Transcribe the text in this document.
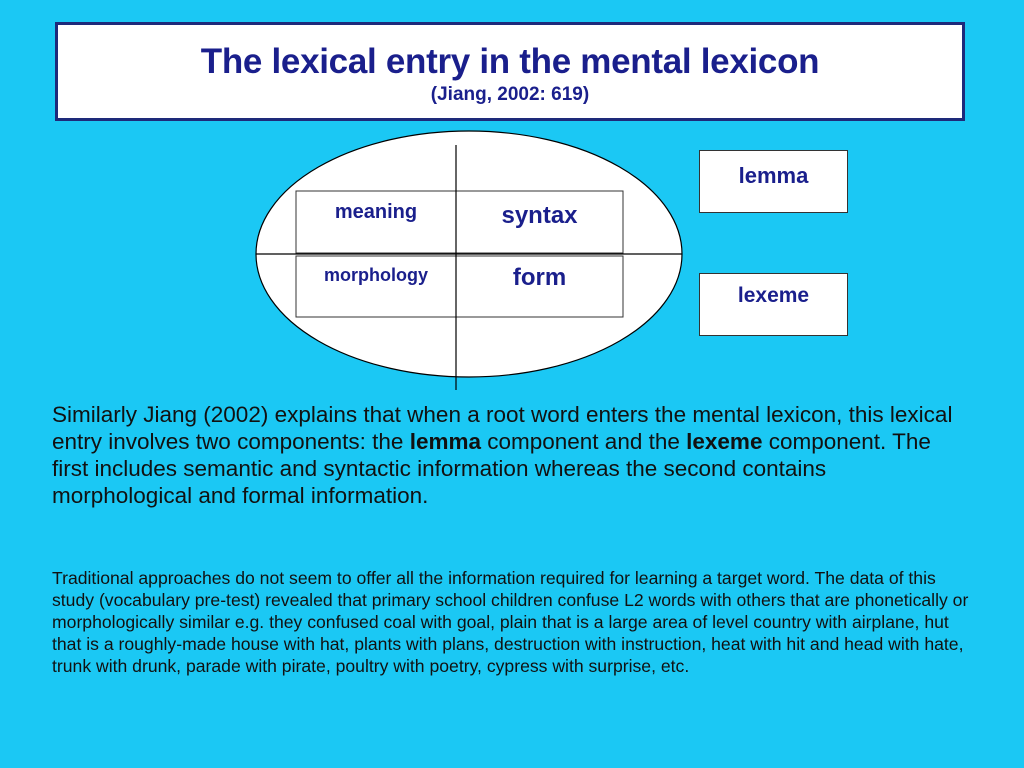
The lexical entry in the mental lexicon
(Jiang, 2002: 619)
meaning	syntax
morphology	form
lemma
lexeme
Similarly Jiang (2002) explains that when a root word enters the mental lexicon, this lexical entry involves two components: the lemma component and the lexeme component. The first includes semantic and syntactic information whereas the second contains morphological and formal information.
Traditional approaches do not seem to offer all the information required for learning a target word. The data of this study (vocabulary pre-test) revealed that primary school children confuse L2 words with others that are phonetically or morphologically similar e.g. they confused coal with goal, plain that is a large area of level country with airplane, hut that is a roughly-made house with hat, plants with plans, destruction with instruction, heat with hit and head with hate, trunk with drunk, parade with pirate, poultry with poetry, cypress with surprise, etc.
